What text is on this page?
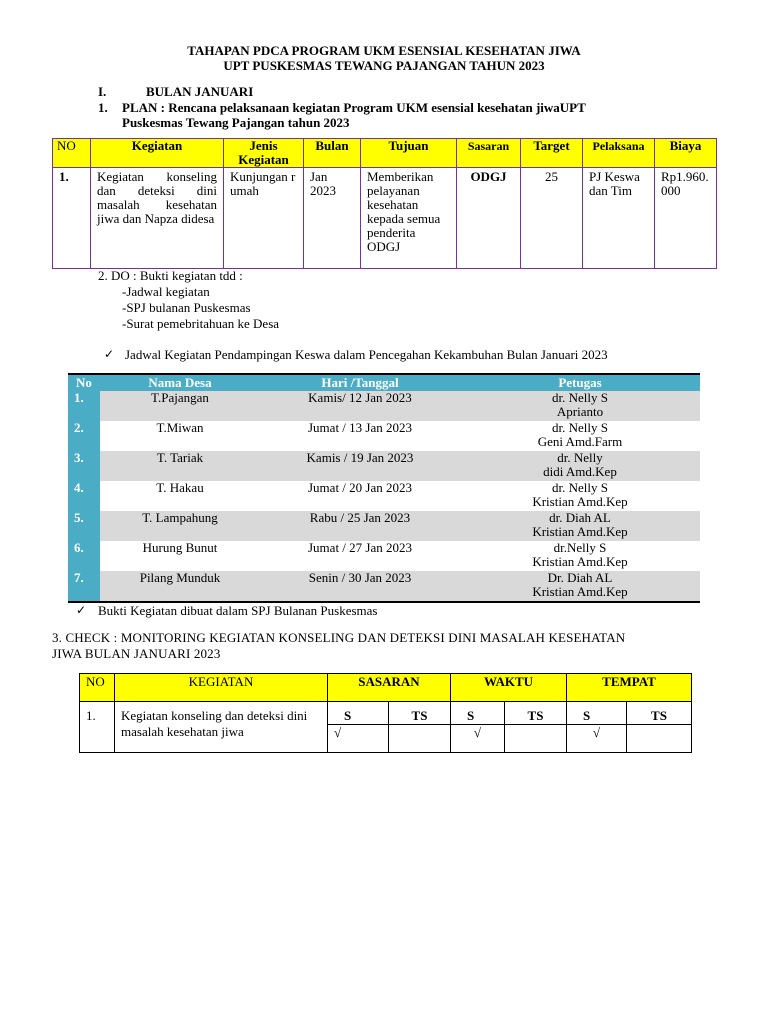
TAHAPAN PDCA PROGRAM UKM ESENSIAL KESEHATAN JIWA
UPT PUSKESMAS TEWANG PAJANGAN TAHUN 2023
I.	BULAN JANUARI
1. PLAN : Rencana pelaksanaan kegiatan Program UKM esensial kesehatan jiwaUPT
Puskesmas Tewang Pajangan tahun 2023
NO	Kegiatan	Jenis Kegiatan	Bulan	Tujuan	Sasaran	Target	Pelaksana	Biaya
1.	Kegiatan konseling dan deteksi dini masalah kesehatan jiwa dan Napza didesa	Kunjungan rumah	Jan 2023	Memberikan pelayanan kesehatan kepada semua penderita ODGJ	ODGJ	25	PJ Keswa dan Tim	Rp1.960.000
2. DO : Bukti kegiatan tdd :
-Jadwal kegiatan
-SPJ bulanan Puskesmas
-Surat pemebritahuan ke Desa
✓ Jadwal Kegiatan Pendampingan Keswa dalam Pencegahan Kekambuhan Bulan Januari 2023
No	Nama Desa	Hari /Tanggal	Petugas
1.	T.Pajangan	Kamis/ 12 Jan 2023	dr. Nelly S
Aprianto

2.	T.Miwan	Jumat / 13 Jan 2023	dr. Nelly S
Geni Amd.Farm

3.	T. Tariak	Kamis / 19 Jan 2023	dr. Nelly
didi Amd.Kep

4.	T. Hakau	Jumat / 20 Jan 2023	dr. Nelly S
Kristian Amd.Kep

5.	T. Lampahung	Rabu / 25 Jan 2023	dr. Diah AL
Kristian Amd.Kep

6.	Hurung Bunut	Jumat / 27 Jan 2023	dr.Nelly S
Kristian Amd.Kep

7.	Pilang Munduk	Senin / 30 Jan 2023	Dr. Diah AL
Kristian Amd.Kep
✓ Bukti Kegiatan dibuat dalam SPJ Bulanan Puskesmas
3. CHECK : MONITORING KEGIATAN KONSELING DAN DETEKSI DINI MASALAH KESEHATAN
JIWA BULAN JANUARI 2023
NO	KEGIATAN	SASARAN		WAKTU		TEMPAT	
1.	Kegiatan konseling dan deteksi dini masalah kesehatan jiwa	S	TS	S	TS	S	TS
		√		√		√	
